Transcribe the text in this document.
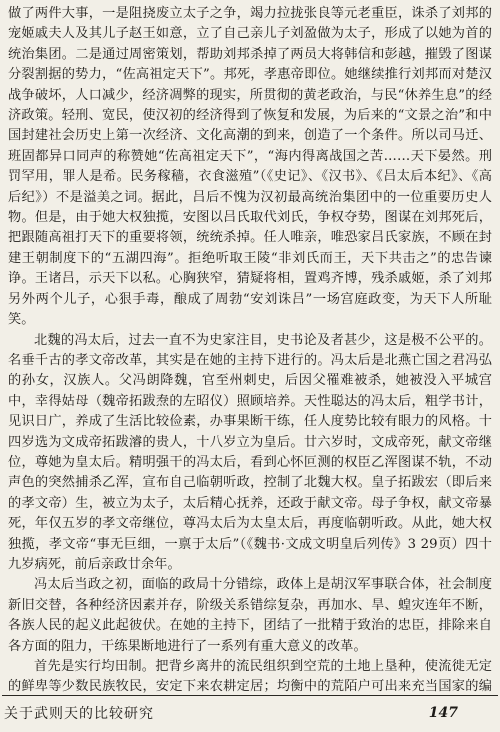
做了两件大事，一是阻挠废立太子之争，竭力拉拢张良等元老重臣，诛杀了刘邦的宠姬戚夫人及其儿子赵王如意，立了自己亲儿子刘盈做为太子，形成了以她为首的统治集团。二是通过周密策划，帮助刘邦杀掉了两员大将韩信和彭越，摧毁了图谋分裂割据的势力，“佐高祖定天下”。邦死，孝惠帝即位。她继续推行刘邦而对楚汉战争破坏，人口减少，经济凋弊的现实，所贯彻的黄老政治，与民“休养生息”的经济政策。轻刑、宽民，使汉初的经济得到了恢复和发展，为后来的“文景之治”和中国封建社会历史上第一次经济、文化高潮的到来，创造了一个条件。所以司马迁、班固都异口同声的称赞她“佐高祖定天下”，“海内得离战国之苦……天下晏然。刑罚罕用，罪人是希。民务稼穑，衣食滋殖”（《史记》、《汉书》、《吕太后本纪》、《高后纪》）不是溢美之词。据此，吕后不愧为汉初最高统治集团中的一位重要历史人物。但是，由于她大权独揽，安图以吕氏取代刘氏，争权夺势，图谋在刘邦死后，把跟随高祖打天下的重要将领，统统杀掉。任人唯亲，唯恐家吕氏家族，不顾在封建王朝制度下的“五湖四海”。拒绝听取王陵“非刘氏而王，天下共击之”的忠告谏诤。王诸吕，示天下以私。心胸狭窄，猜疑将相，置鸡齐博，残杀戚姬，杀了刘邦另外两个儿子，心狠手毒，酿成了周勃“安刘诛吕”一场宫庭政变，为天下人所耻笑。

北魏的冯太后，过去一直不为史家注目，史书论及者甚少，这是极不公平的。名垂千古的孝文帝改革，其实是在她的主持下进行的。冯太后是北燕亡国之君冯弘的孙女，汉族人。父冯朗降魏，官至州刺史，后因父罹难被杀，她被没入平城宫中，幸得姑母（魏帝拓跋焘的左昭仪）照顾培养。天性聪达的冯太后，粗学书计，见识日广，养成了生活比较俭素，办事果断干练，任人度势比较有眼力的风格。十四岁选为文成帝拓跋濬的贵人，十八岁立为皇后。廿六岁时，文成帝死，献文帝继位，尊她为皇太后。精明强干的冯太后，看到心怀叵测的权臣乙浑图谋不轨，不动声色的突然捕杀乙浑，宣布自己临朝听政，控制了北魏大权。皇子拓跋宏（即后来的孝文帝）生，被立为太子，太后精心抚养，还政于献文帝。母子争权，献文帝暴死，年仅五岁的孝文帝继位，尊冯太后为太皇太后，再度临朝听政。从此，她大权独揽，孝文帝“事无巨细，一禀于太后”（《魏书·文成文明皇后列传》3 29页）四十九岁病死，前后亲政廿余年。

冯太后当政之初，面临的政局十分错综，政体上是胡汉军事联合体，社会制度新旧交替，各种经济因素并存，阶级关系错综复杂，再加水、旱、蝗灾连年不断，各族人民的起义此起彼伏。在她的主持下，团结了一批精于致治的忠臣，排除来自各方面的阻力，干练果断地进行了一系列有重大意义的改革。

首先是实行均田制。把背乡离井的流民组织到空荒的土地上垦种，使流徙无定的鲜卑等少数民族牧民，安定下来农耕定居；均衡中的荒陌户可出来充当国家的编

关于武则天的比较研究	147
